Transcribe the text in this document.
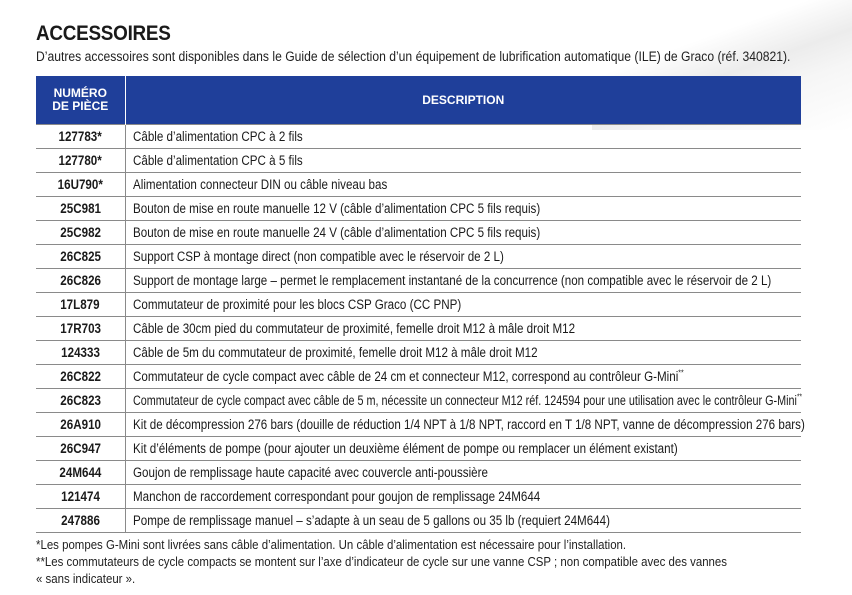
ACCESSOIRES

D’autres accessoires sont disponibles dans le Guide de sélection d’un équipement de lubrification automatique (ILE) de Graco (réf. 340821).

NUMÉRO
DE PIÈCE	DESCRIPTION
127783*	Câble d’alimentation CPC à 2 fils
127780*	Câble d’alimentation CPC à 5 fils
16U790*	Alimentation connecteur DIN ou câble niveau bas
25C981	Bouton de mise en route manuelle 12 V (câble d’alimentation CPC 5 fils requis)
25C982	Bouton de mise en route manuelle 24 V (câble d’alimentation CPC 5 fils requis)
26C825	Support CSP à montage direct (non compatible avec le réservoir de 2 L)
26C826	Support de montage large – permet le remplacement instantané de la concurrence (non compatible avec le réservoir de 2 L)
17L879	Commutateur de proximité pour les blocs CSP Graco (CC PNP)
17R703	Câble de 30cm pied du commutateur de proximité, femelle droit M12 à mâle droit M12
124333	Câble de 5m du commutateur de proximité, femelle droit M12 à mâle droit M12
26C822	Commutateur de cycle compact avec câble de 24 cm et connecteur M12, correspond au contrôleur G-Mini**
26C823	Commutateur de cycle compact avec câble de 5 m, nécessite un connecteur M12 réf. 124594 pour une utilisation avec le contrôleur G-Mini**
26A910	Kit de décompression 276 bars (douille de réduction 1/4 NPT à 1/8 NPT, raccord en T 1/8 NPT, vanne de décompression 276 bars)
26C947	Kit d’éléments de pompe (pour ajouter un deuxième élément de pompe ou remplacer un élément existant)
24M644	Goujon de remplissage haute capacité avec couvercle anti-poussière
121474	Manchon de raccordement correspondant pour goujon de remplissage 24M644
247886	Pompe de remplissage manuel – s’adapte à un seau de 5 gallons ou 35 lb (requiert 24M644)

*Les pompes G-Mini sont livrées sans câble d’alimentation. Un câble d’alimentation est nécessaire pour l’installation.

**Les commutateurs de cycle compacts se montent sur l’axe d’indicateur de cycle sur une vanne CSP ; non compatible avec des vannes

« sans indicateur ».
